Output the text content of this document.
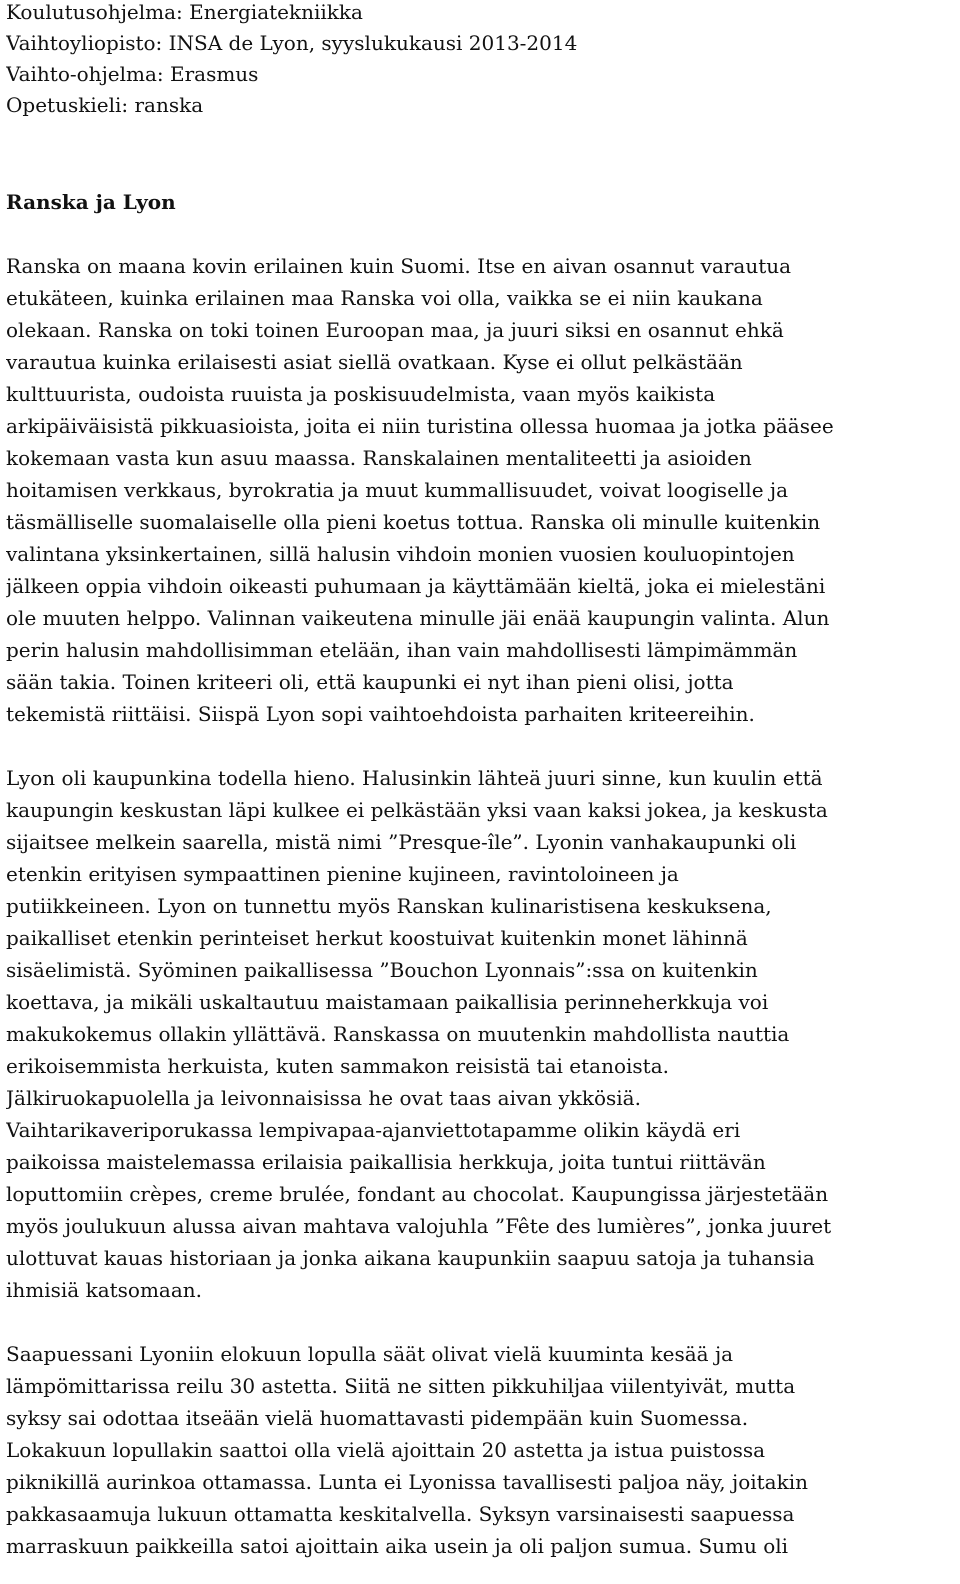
Koulutusohjelma: Energiatekniikka
Vaihtoyliopisto: INSA de Lyon, syyslukukausi 2013-2014
Vaihto-ohjelma: Erasmus
Opetuskieli: ranska
Ranska ja Lyon
Ranska on maana kovin erilainen kuin Suomi. Itse en aivan osannut varautua
etukäteen, kuinka erilainen maa Ranska voi olla, vaikka se ei niin kaukana
olekaan. Ranska on toki toinen Euroopan maa, ja juuri siksi en osannut ehkä
varautua kuinka erilaisesti asiat siellä ovatkaan. Kyse ei ollut pelkästään
kulttuurista, oudoista ruuista ja poskisuudelmista, vaan myös kaikista
arkipäiväisistä pikkuasioista, joita ei niin turistina ollessa huomaa ja jotka pääsee
kokemaan vasta kun asuu maassa. Ranskalainen mentaliteetti ja asioiden
hoitamisen verkkaus, byrokratia ja muut kummallisuudet, voivat loogiselle ja
täsmälliselle suomalaiselle olla pieni koetus tottua. Ranska oli minulle kuitenkin
valintana yksinkertainen, sillä halusin vihdoin monien vuosien kouluopintojen
jälkeen oppia vihdoin oikeasti puhumaan ja käyttämään kieltä, joka ei mielestäni
ole muuten helppo. Valinnan vaikeutena minulle jäi enää kaupungin valinta. Alun
perin halusin mahdollisimman etelään, ihan vain mahdollisesti lämpimämmän
sään takia. Toinen kriteeri oli, että kaupunki ei nyt ihan pieni olisi, jotta
tekemistä riittäisi. Siispä Lyon sopi vaihtoehdoista parhaiten kriteereihin.
Lyon oli kaupunkina todella hieno. Halusinkin lähteä juuri sinne, kun kuulin että
kaupungin keskustan läpi kulkee ei pelkästään yksi vaan kaksi jokea, ja keskusta
sijaitsee melkein saarella, mistä nimi ”Presque-île”. Lyonin vanhakaupunki oli
etenkin erityisen sympaattinen pienine kujineen, ravintoloineen ja
putiikkeineen. Lyon on tunnettu myös Ranskan kulinaristisena keskuksena,
paikalliset etenkin perinteiset herkut koostuivat kuitenkin monet lähinnä
sisäelimistä. Syöminen paikallisessa ”Bouchon Lyonnais”:ssa on kuitenkin
koettava, ja mikäli uskaltautuu maistamaan paikallisia perinneherkkuja voi
makukokemus ollakin yllättävä. Ranskassa on muutenkin mahdollista nauttia
erikoisemmista herkuista, kuten sammakon reisistä tai etanoista.
Jälkiruokapuolella ja leivonnaisissa he ovat taas aivan ykkösiä.
Vaihtarikaveriporukassa lempivapaa-ajanviettotapamme olikin käydä eri
paikoissa maistelemassa erilaisia paikallisia herkkuja, joita tuntui riittävän
loputtomiin crèpes, creme brulée, fondant au chocolat. Kaupungissa järjestetään
myös joulukuun alussa aivan mahtava valojuhla ”Fête des lumières”, jonka juuret
ulottuvat kauas historiaan ja jonka aikana kaupunkiin saapuu satoja ja tuhansia
ihmisiä katsomaan.
Saapuessani Lyoniin elokuun lopulla säät olivat vielä kuuminta kesää ja
lämpömittarissa reilu 30 astetta. Siitä ne sitten pikkuhiljaa viilentyivät, mutta
syksy sai odottaa itseään vielä huomattavasti pidempään kuin Suomessa.
Lokakuun lopullakin saattoi olla vielä ajoittain 20 astetta ja istua puistossa
piknikillä aurinkoa ottamassa. Lunta ei Lyonissa tavallisesti paljoa näy, joitakin
pakkasaamuja lukuun ottamatta keskitalvella. Syksyn varsinaisesti saapuessa
marraskuun paikkeilla satoi ajoittain aika usein ja oli paljon sumua. Sumu oli
